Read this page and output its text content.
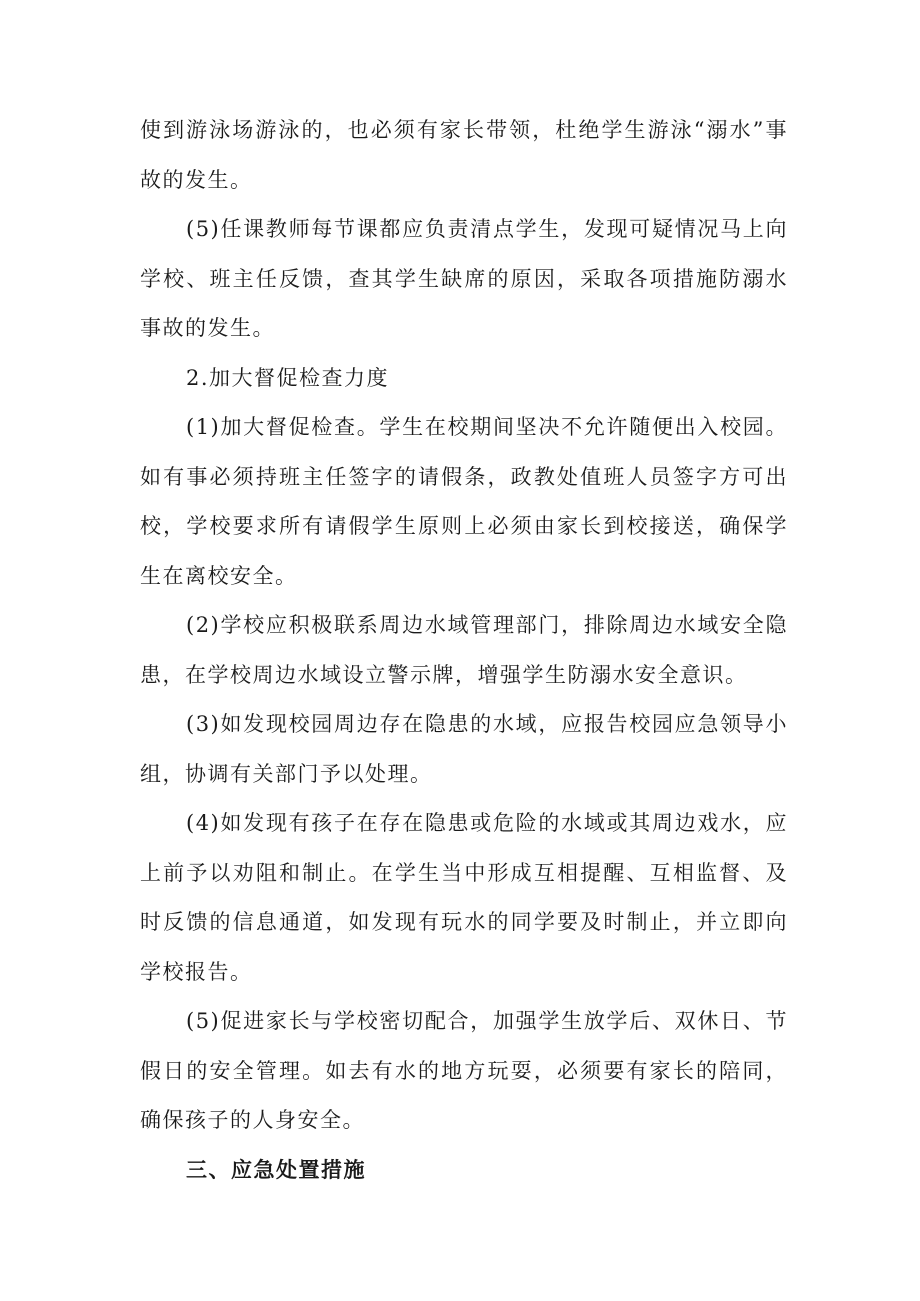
使到游泳场游泳的，也必须有家长带领，杜绝学生游泳“溺水”事故的发生。

(5)任课教师每节课都应负责清点学生，发现可疑情况马上向学校、班主任反馈，查其学生缺席的原因，采取各项措施防溺水事故的发生。

2.加大督促检查力度

(1)加大督促检查。学生在校期间坚决不允许随便出入校园。如有事必须持班主任签字的请假条，政教处值班人员签字方可出校，学校要求所有请假学生原则上必须由家长到校接送，确保学生在离校安全。

(2)学校应积极联系周边水域管理部门，排除周边水域安全隐患，在学校周边水域设立警示牌，增强学生防溺水安全意识。

(3)如发现校园周边存在隐患的水域，应报告校园应急领导小组，协调有关部门予以处理。

(4)如发现有孩子在存在隐患或危险的水域或其周边戏水，应上前予以劝阻和制止。在学生当中形成互相提醒、互相监督、及时反馈的信息通道，如发现有玩水的同学要及时制止，并立即向学校报告。

(5)促进家长与学校密切配合，加强学生放学后、双休日、节假日的安全管理。如去有水的地方玩耍，必须要有家长的陪同，确保孩子的人身安全。

三、应急处置措施
